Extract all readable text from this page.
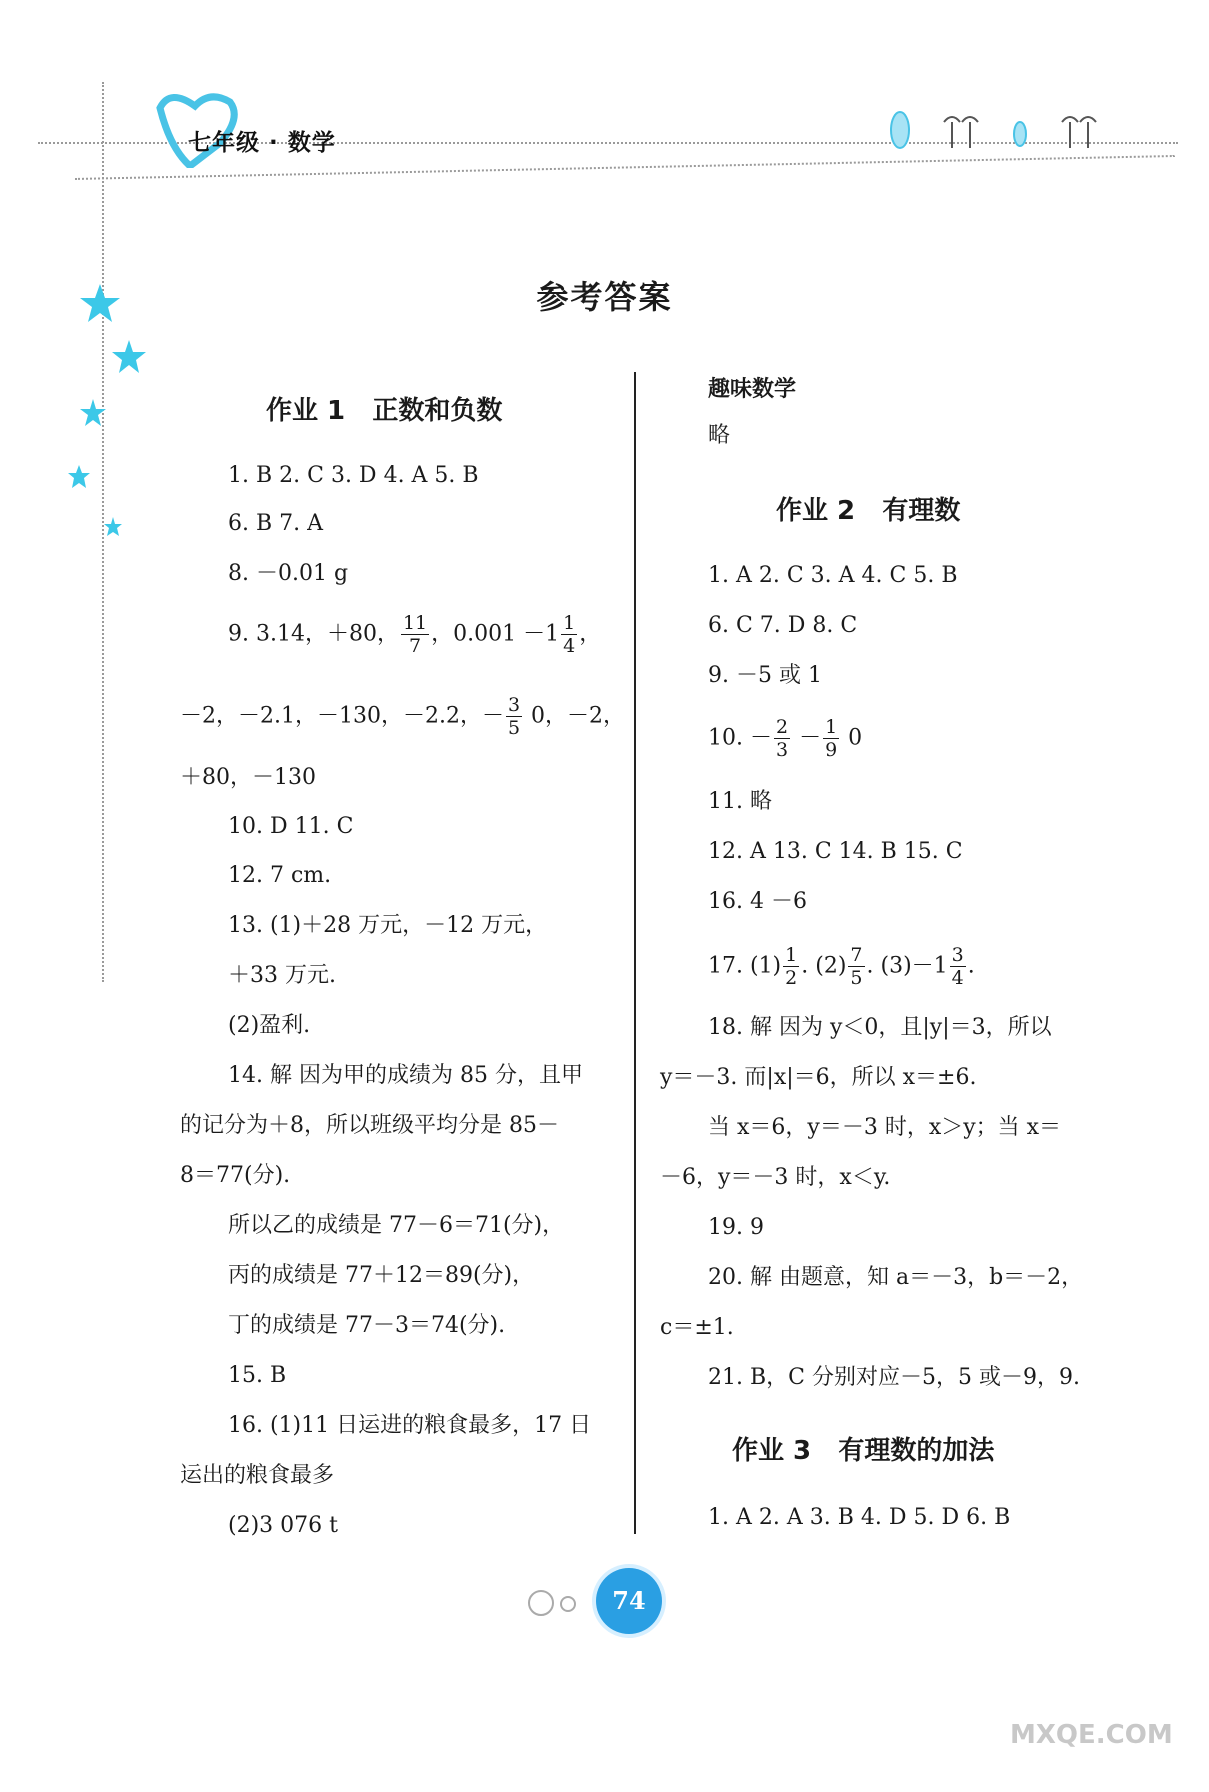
七年级 · 数学
参考答案
作业 1 正数和负数
1. B 2. C 3. D 4. A 5. B
6. B 7. A
8. －0.01 g
9. 3.14，＋80， $\frac{11}{7}$ ，$0.001 -1 \frac{1}{4}$ ，
－2，－2.1，－130，－2.2，－ $\frac{3}{5} 0$，－2，
＋80，－130
10. D 11. C
12. 7 cm.
13. (1)＋28 万元，－12 万元，
＋33 万元.
(2)盈利.
14. 解 因为甲的成绩为 85 分，且甲
的记分为＋8，所以班级平均分是 85－
8＝77(分).
所以乙的成绩是 77－6＝71(分)，
丙的成绩是 77＋12＝89(分)，
丁的成绩是 77－3＝74(分).
15. B
16. (1)11 日运进的粮食最多，17 日
运出的粮食最多
(2)3 076 t
趣味数学
略
作业 2 有理数
1. A 2. C 3. A 4. C 5. B
6. C 7. D 8. C
9. －5 或 1
10. － $\frac{2}{3} - \frac{1}{9} 0$
11. 略
12. A 13. C 14. B 15. C
16. 4 －6
17. $(1) \frac{1}{2}$ . $(2) \frac{7}{5}$ . $(3)-1 \frac{3}{4}$ .
18. 解 因为 y＜0，且|y|＝3，所以
y＝－3. 而|x|＝6，所以 x＝±6.
当 x＝6，y＝－3 时，x＞y；当 x＝
－6，y＝－3 时，x＜y.
19. 9
20. 解 由题意，知 a＝－3，b＝－2，
c＝±1.
21. B，C 分别对应－5，5 或－9，9.
作业 3 有理数的加法
1. A 2. A 3. B 4. D 5. D 6. B
74
MXQE.COM
